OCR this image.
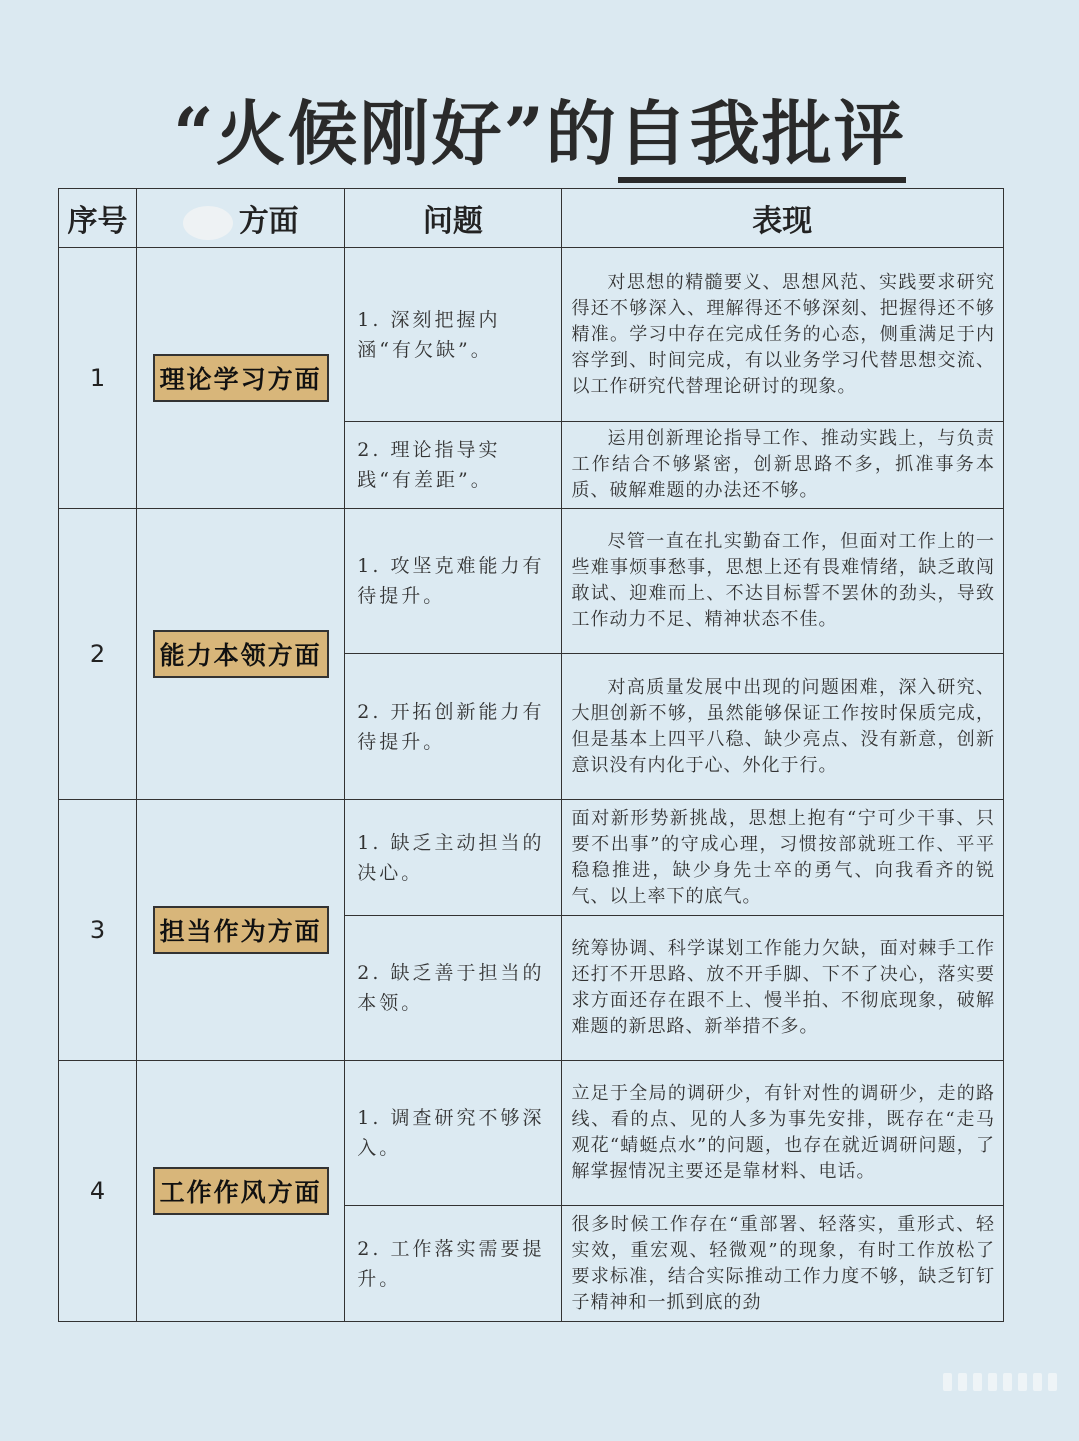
“火候刚好”的自我批评
序号	方面	问题	表现
1	理论学习方面	1. 深刻把握内涵“有欠缺”。	对思想的精髓要义、思想风范、实践要求研究得还不够深入、理解得还不够深刻、把握得还不够精准。学习中存在完成任务的心态，侧重满足于内容学到、时间完成，有以业务学习代替思想交流、以工作研究代替理论研讨的现象。
		2. 理论指导实践“有差距”。	运用创新理论指导工作、推动实践上，与负责工作结合不够紧密，创新思路不多，抓准事务本质、破解难题的办法还不够。
2	能力本领方面	1. 攻坚克难能力有待提升。	尽管一直在扎实勤奋工作，但面对工作上的一些难事烦事愁事，思想上还有畏难情绪，缺乏敢闯敢试、迎难而上、不达目标誓不罢休的劲头，导致工作动力不足、精神状态不佳。
		2. 开拓创新能力有待提升。	对高质量发展中出现的问题困难，深入研究、大胆创新不够，虽然能够保证工作按时保质完成，但是基本上四平八稳、缺少亮点、没有新意，创新意识没有内化于心、外化于行。
3	担当作为方面	1. 缺乏主动担当的决心。	面对新形势新挑战，思想上抱有“宁可少干事、只要不出事”的守成心理，习惯按部就班工作、平平稳稳推进，缺少身先士卒的勇气、向我看齐的锐气、以上率下的底气。
		2. 缺乏善于担当的本领。	统筹协调、科学谋划工作能力欠缺，面对棘手工作还打不开思路、放不开手脚、下不了决心，落实要求方面还存在跟不上、慢半拍、不彻底现象，破解难题的新思路、新举措不多。
4	工作作风方面	1. 调查研究不够深入。	立足于全局的调研少，有针对性的调研少，走的路线、看的点、见的人多为事先安排，既存在“走马观花“蜻蜓点水”的问题，也存在就近调研问题，了解掌握情况主要还是靠材料、电话。
		2. 工作落实需要提升。	很多时候工作存在“重部署、轻落实，重形式、轻实效，重宏观、轻微观”的现象，有时工作放松了要求标准，结合实际推动工作力度不够，缺乏钉钉子精神和一抓到底的劲
